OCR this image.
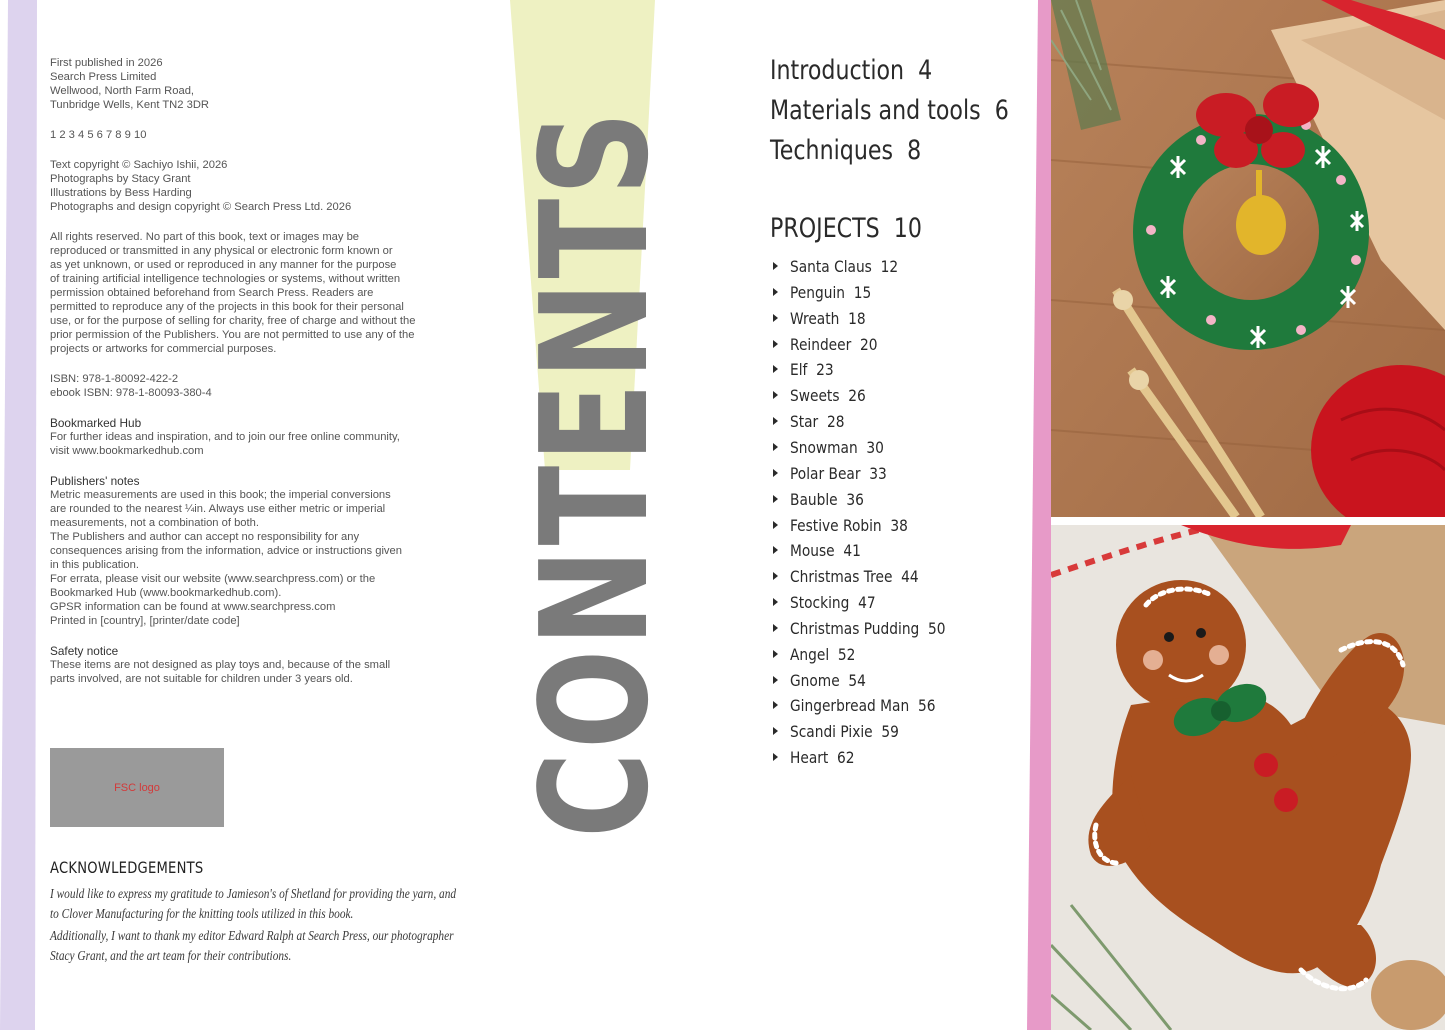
First published in 2026

Search Press Limited

Wellwood, North Farm Road,

Tunbridge Wells, Kent TN2 3DR

1 2 3 4 5 6 7 8 9 10

Text copyright © Sachiyo Ishii, 2026

Photographs by Stacy Grant

Illustrations by Bess Harding

Photographs and design copyright © Search Press Ltd. 2026

All rights reserved. No part of this book, text or images may be

reproduced or transmitted in any physical or electronic form known or

as yet unknown, or used or reproduced in any manner for the purpose

of training artificial intelligence technologies or systems, without written

permission obtained beforehand from Search Press. Readers are

permitted to reproduce any of the projects in this book for their personal

use, or for the purpose of selling for charity, free of charge and without the

prior permission of the Publishers. You are not permitted to use any of the

projects or artworks for commercial purposes.

ISBN: 978-1-80092-422-2

ebook ISBN: 978-1-80093-380-4

Bookmarked Hub

For further ideas and inspiration, and to join our free online community,

visit www.bookmarkedhub.com

Publishers' notes

Metric measurements are used in this book; the imperial conversions

are rounded to the nearest ¼in. Always use either metric or imperial

measurements, not a combination of both.

The Publishers and author can accept no responsibility for any

consequences arising from the information, advice or instructions given

in this publication.

For errata, please visit our website (www.searchpress.com) or the

Bookmarked Hub (www.bookmarkedhub.com).

GPSR information can be found at www.searchpress.com

Printed in [country], [printer/date code]

Safety notice

These items are not designed as play toys and, because of the small

parts involved, are not suitable for children under 3 years old.

FSC logo
ACKNOWLEDGEMENTS

I would like to express my gratitude to Jamieson's of Shetland for providing the yarn, and to Clover Manufacturing for the knitting tools utilized in this book.

Additionally, I want to thank my editor Edward Ralph at Search Press, our photographer Stacy Grant, and the art team for their contributions.

CONTENTS
Introduction 4
Materials and tools 6
Techniques 8
PROJECTS 10
Santa Claus 12
Penguin 15
Wreath 18
Reindeer 20
Elf 23
Sweets 26
Star 28
Snowman 30
Polar Bear 33
Bauble 36
Festive Robin 38
Mouse 41
Christmas Tree 44
Stocking 47
Christmas Pudding 50
Angel 52
Gnome 54
Gingerbread Man 56
Scandi Pixie 59
Heart 62
